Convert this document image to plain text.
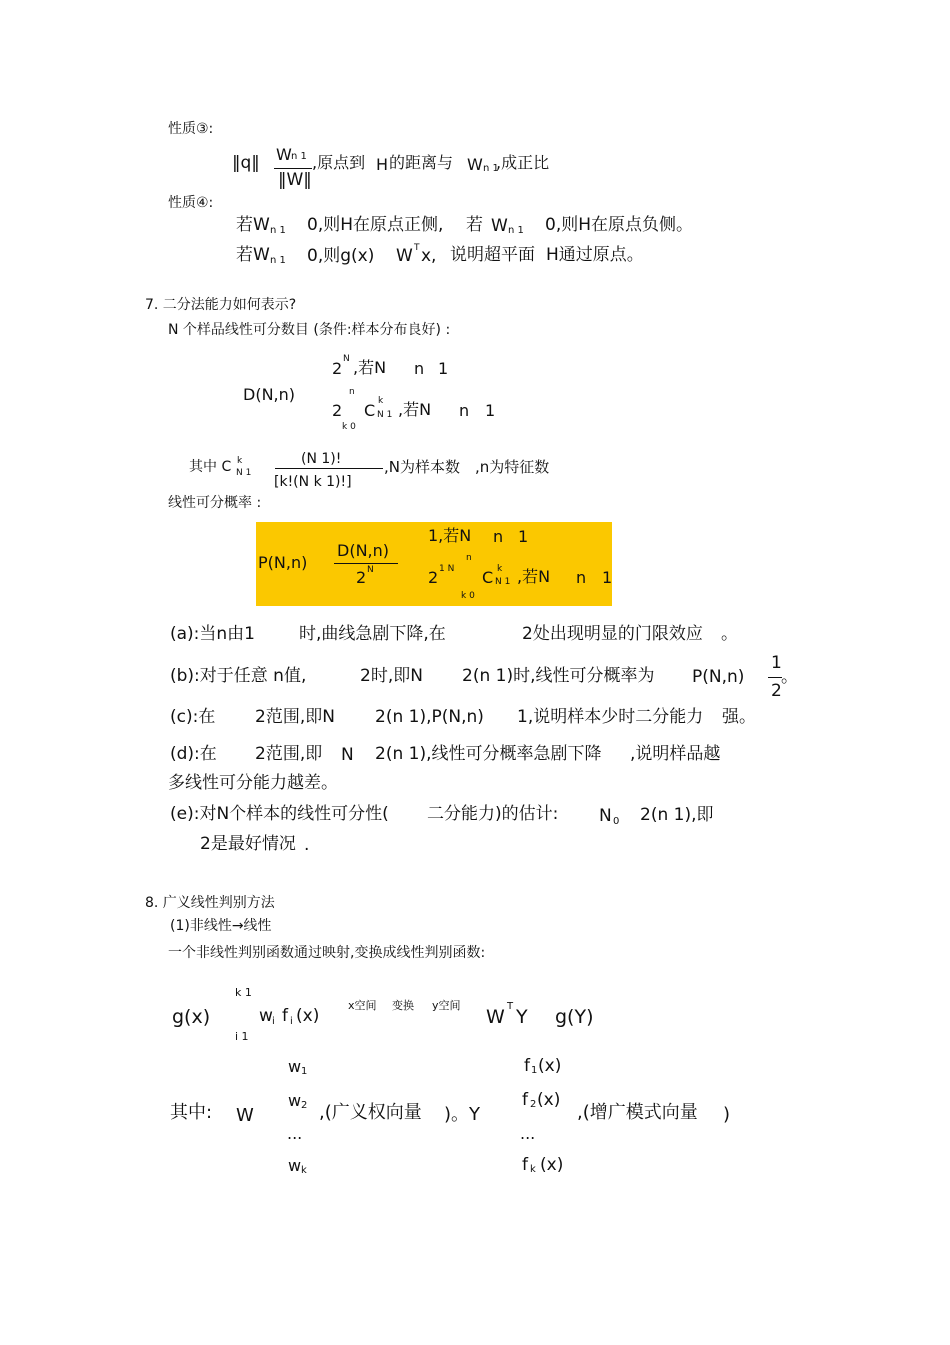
性质③:
‖q‖ W n 1
‖W‖
,原点到 H 的距离与 W n 1
,成正比
性质④:
若W n 1 0,则H在原点正侧, 若 W n 1 0,则H在原点负侧。
若W n 1 0,则g(x) W T x, 说明超平面 H通过原点。
7. 二分法能力如何表示?
N 个样品线性可分数目 (条件:样本分布良好) :
2 N ,若N n 1
D(N,n)	n
2 C k
N 1 ,若N n 1
k 0
其中 C k
N 1
(N 1)!
[k!(N k 1)!]
,N为样本数 ,n为特征数
线性可分概率 :
P(N,n)
D(N,n)
2 N
1,若N n 1
n
2 1 N C k
N 1 ,若N n 1
k 0
(a):当n由1	时,曲线急剧下降,在	2处出现明显的门限效应 。
(b):对于任意 n值,	2时,即N 2(n 1)时,线性可分概率为 P(N,n)
1
2
。
(c):在 2范围,即N 2(n 1),P(N,n) 1,说明样本少时二分能力 强。
(d):在 2范围,即 N 2(n 1),线性可分概率急剧下降 ,说明样品越
多线性可分能力越差。
(e):对N个样本的线性可分性( 二分能力)的估计: N 0 2(n 1),即
2是最好情况 .
8. 广义线性判别方法
(1)非线性→线性
一个非线性判别函数通过映射,变换成线性判别函数:
g(x)
k 1
w i f i (x)
i 1
x空间 变换 y空间
W T Y g(Y)
w 1
w 2
...
w k
f 1 (x)
f 2 (x)
...
f k (x)
其中: W	,(广义权向量 )。Y	,(增广模式向量 )
